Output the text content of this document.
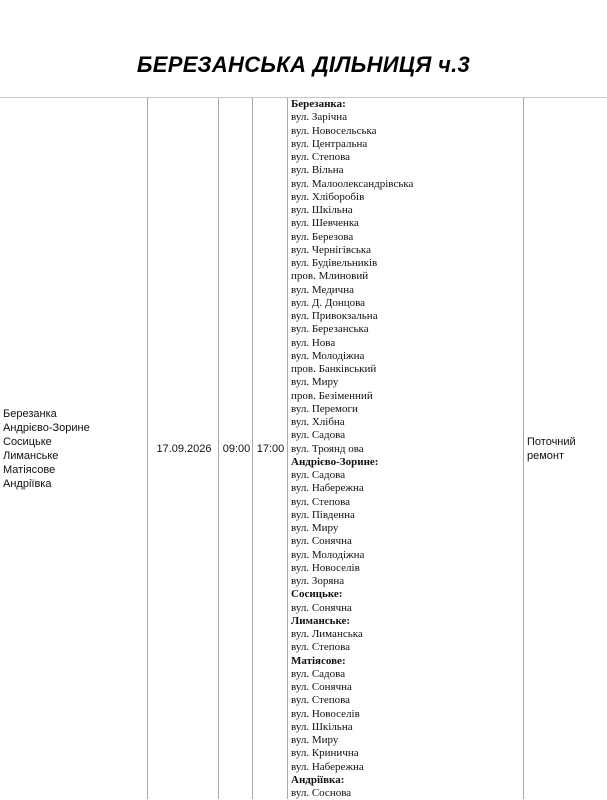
БЕРЕЗАНСЬКА ДІЛЬНИЦЯ ч.3
Березанка
Андрієво-Зорине
Сосицьке
Лиманське
Матіясове
Андріївка
17.09.2026	09:00 17:00
Березанка:
вул. Зарічна
вул. Новосельська
вул. Центральна
вул. Степова
вул. Вільна
вул. Малоолександрівська
вул. Хліборобів
вул. Шкільна
вул. Шевченка
вул. Березова
вул. Чернігівська
вул. Будівельників
пров. Млиновий
вул. Медична
вул. Д. Донцова
вул. Привокзальна
вул. Березанська
вул. Нова
вул. Молодіжна
пров. Банківський
вул. Миру
пров. Безіменний
вул. Перемоги
вул. Хлібна
вул. Садова
вул. Троянд ова
Андрієво-Зорине:
вул. Садова
вул. Набережна
вул. Степова
вул. Південна
вул. Миру
вул. Сонячна
вул. Молодіжна
вул. Новоселів
вул. Зоряна
Сосицьке:
вул. Сонячна
Лиманське:
вул. Лиманська
вул. Степова
Матіясове:
вул. Садова
вул. Сонячна
вул. Степова
вул. Новоселів
вул. Шкільна
вул. Миру
вул. Кринична
вул. Набережна
Андріївка:
вул. Соснова
Поточний
ремонт
